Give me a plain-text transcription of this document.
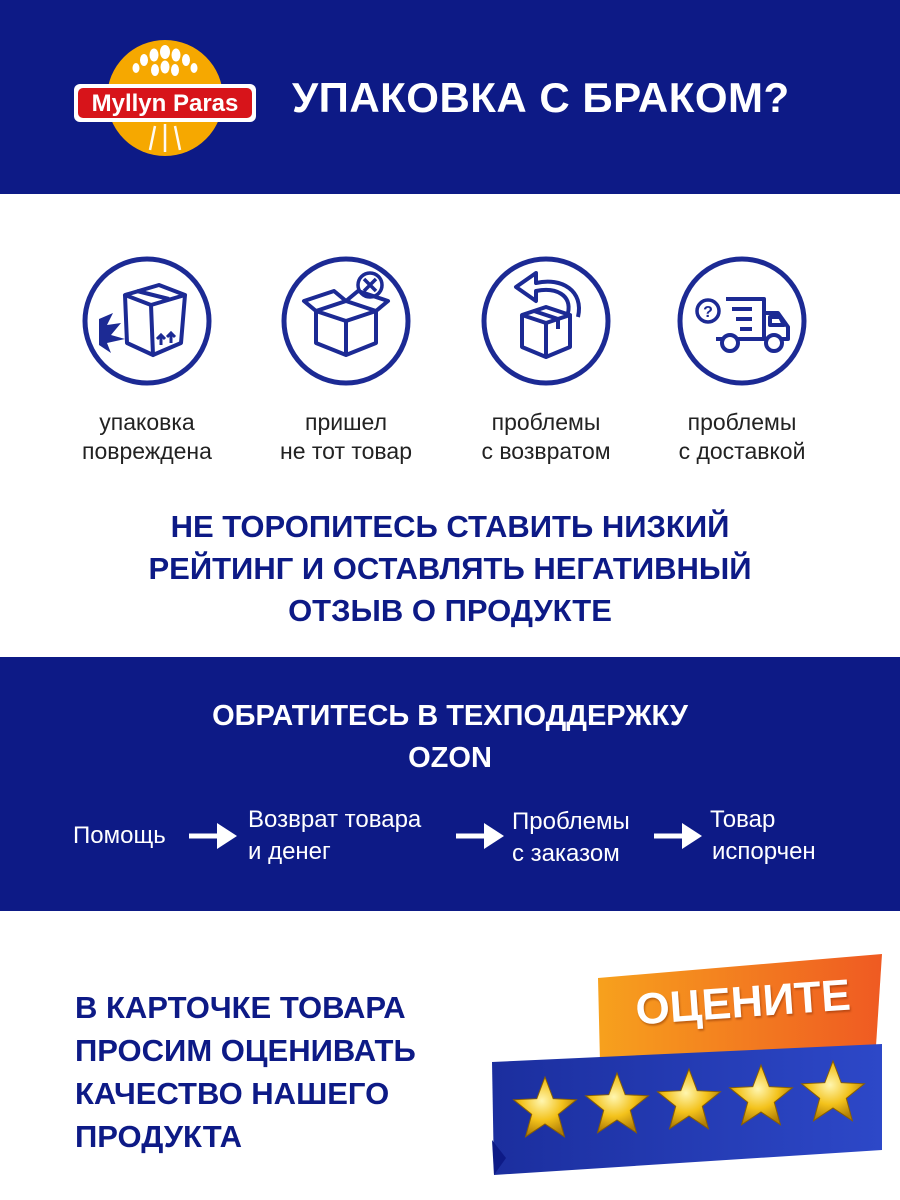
Myllyn Paras УПАКОВКА С БРАКОМ?
упаковка
повреждена
пришел
не тот товар
проблемы
с возвратом
?
проблемы
с доставкой
НЕ ТОРОПИТЕСЬ СТАВИТЬ НИЗКИЙ
РЕЙТИНГ И ОСТАВЛЯТЬ НЕГАТИВНЫЙ
ОТЗЫВ О ПРОДУКТЕ
ОБРАТИТЕСЬ В ТЕХПОДДЕРЖКУ
OZON
Помощь
Возврат товара
и денег
Проблемы
с заказом
Товар
испорчен
В КАРТОЧКЕ ТОВАРА
ПРОСИМ ОЦЕНИВАТЬ
КАЧЕСТВО НАШЕГО
ПРОДУКТА
ОЦЕНИТЕ
